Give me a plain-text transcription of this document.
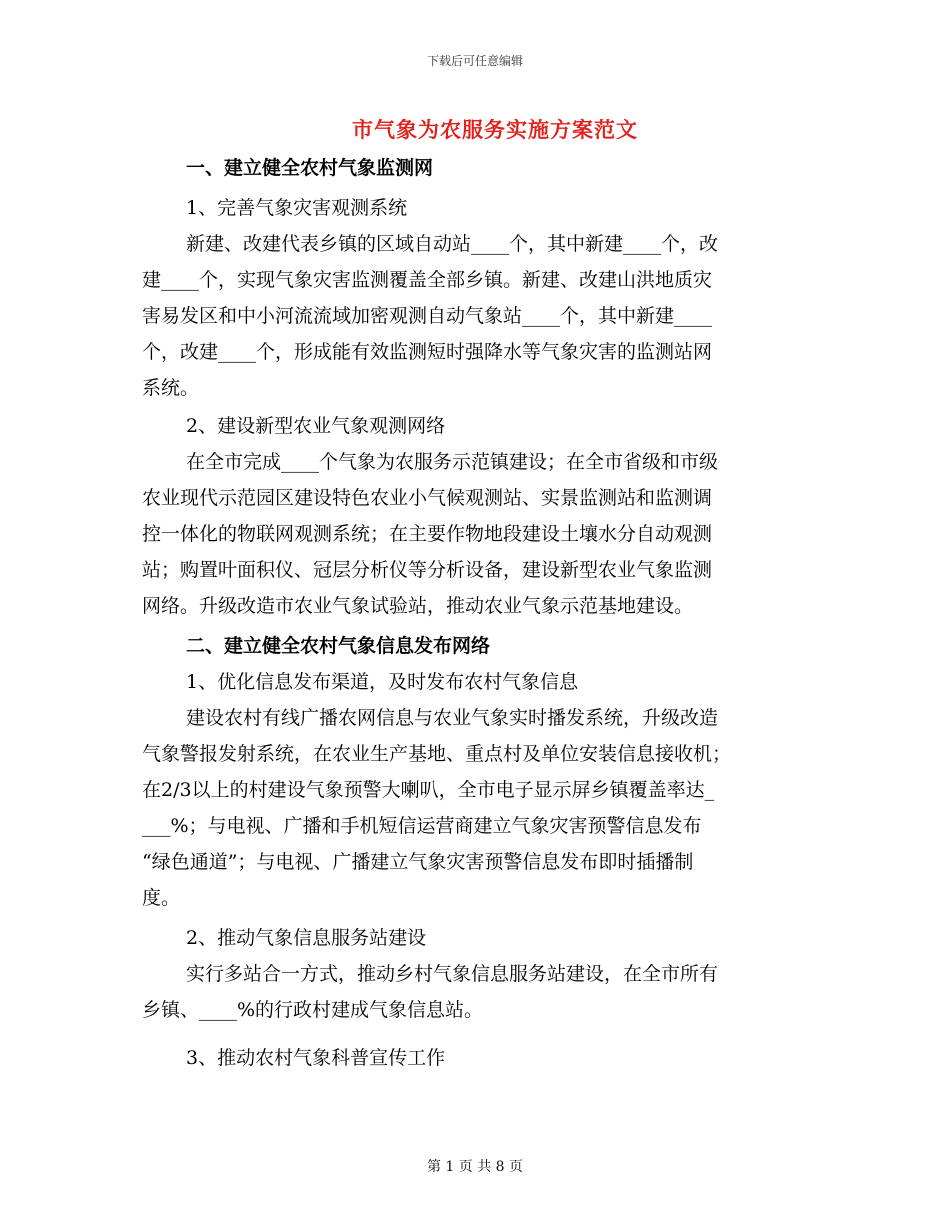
下载后可任意编辑
市气象为农服务实施方案范文
一、建立健全农村气象监测网
1、完善气象灾害观测系统
新建、改建代表乡镇的区域自动站____个，其中新建____个，改
建____个，实现气象灾害监测覆盖全部乡镇。新建、改建山洪地质灾
害易发区和中小河流流域加密观测自动气象站____个，其中新建____
个，改建____个，形成能有效监测短时强降水等气象灾害的监测站网
系统。
2、建设新型农业气象观测网络
在全市完成____个气象为农服务示范镇建设；在全市省级和市级
农业现代示范园区建设特色农业小气候观测站、实景监测站和监测调
控一体化的物联网观测系统；在主要作物地段建设土壤水分自动观测
站；购置叶面积仪、冠层分析仪等分析设备，建设新型农业气象监测
网络。升级改造市农业气象试验站，推动农业气象示范基地建设。
二、建立健全农村气象信息发布网络
1、优化信息发布渠道，及时发布农村气象信息
建设农村有线广播农网信息与农业气象实时播发系统，升级改造
气象警报发射系统，在农业生产基地、重点村及单位安装信息接收机；
在2/3以上的村建设气象预警大喇叭，全市电子显示屏乡镇覆盖率达_
___%；与电视、广播和手机短信运营商建立气象灾害预警信息发布
“绿色通道”；与电视、广播建立气象灾害预警信息发布即时插播制
度。
2、推动气象信息服务站建设
实行多站合一方式，推动乡村气象信息服务站建设，在全市所有
乡镇、____%的行政村建成气象信息站。
3、推动农村气象科普宣传工作
第 1 页 共 8 页
